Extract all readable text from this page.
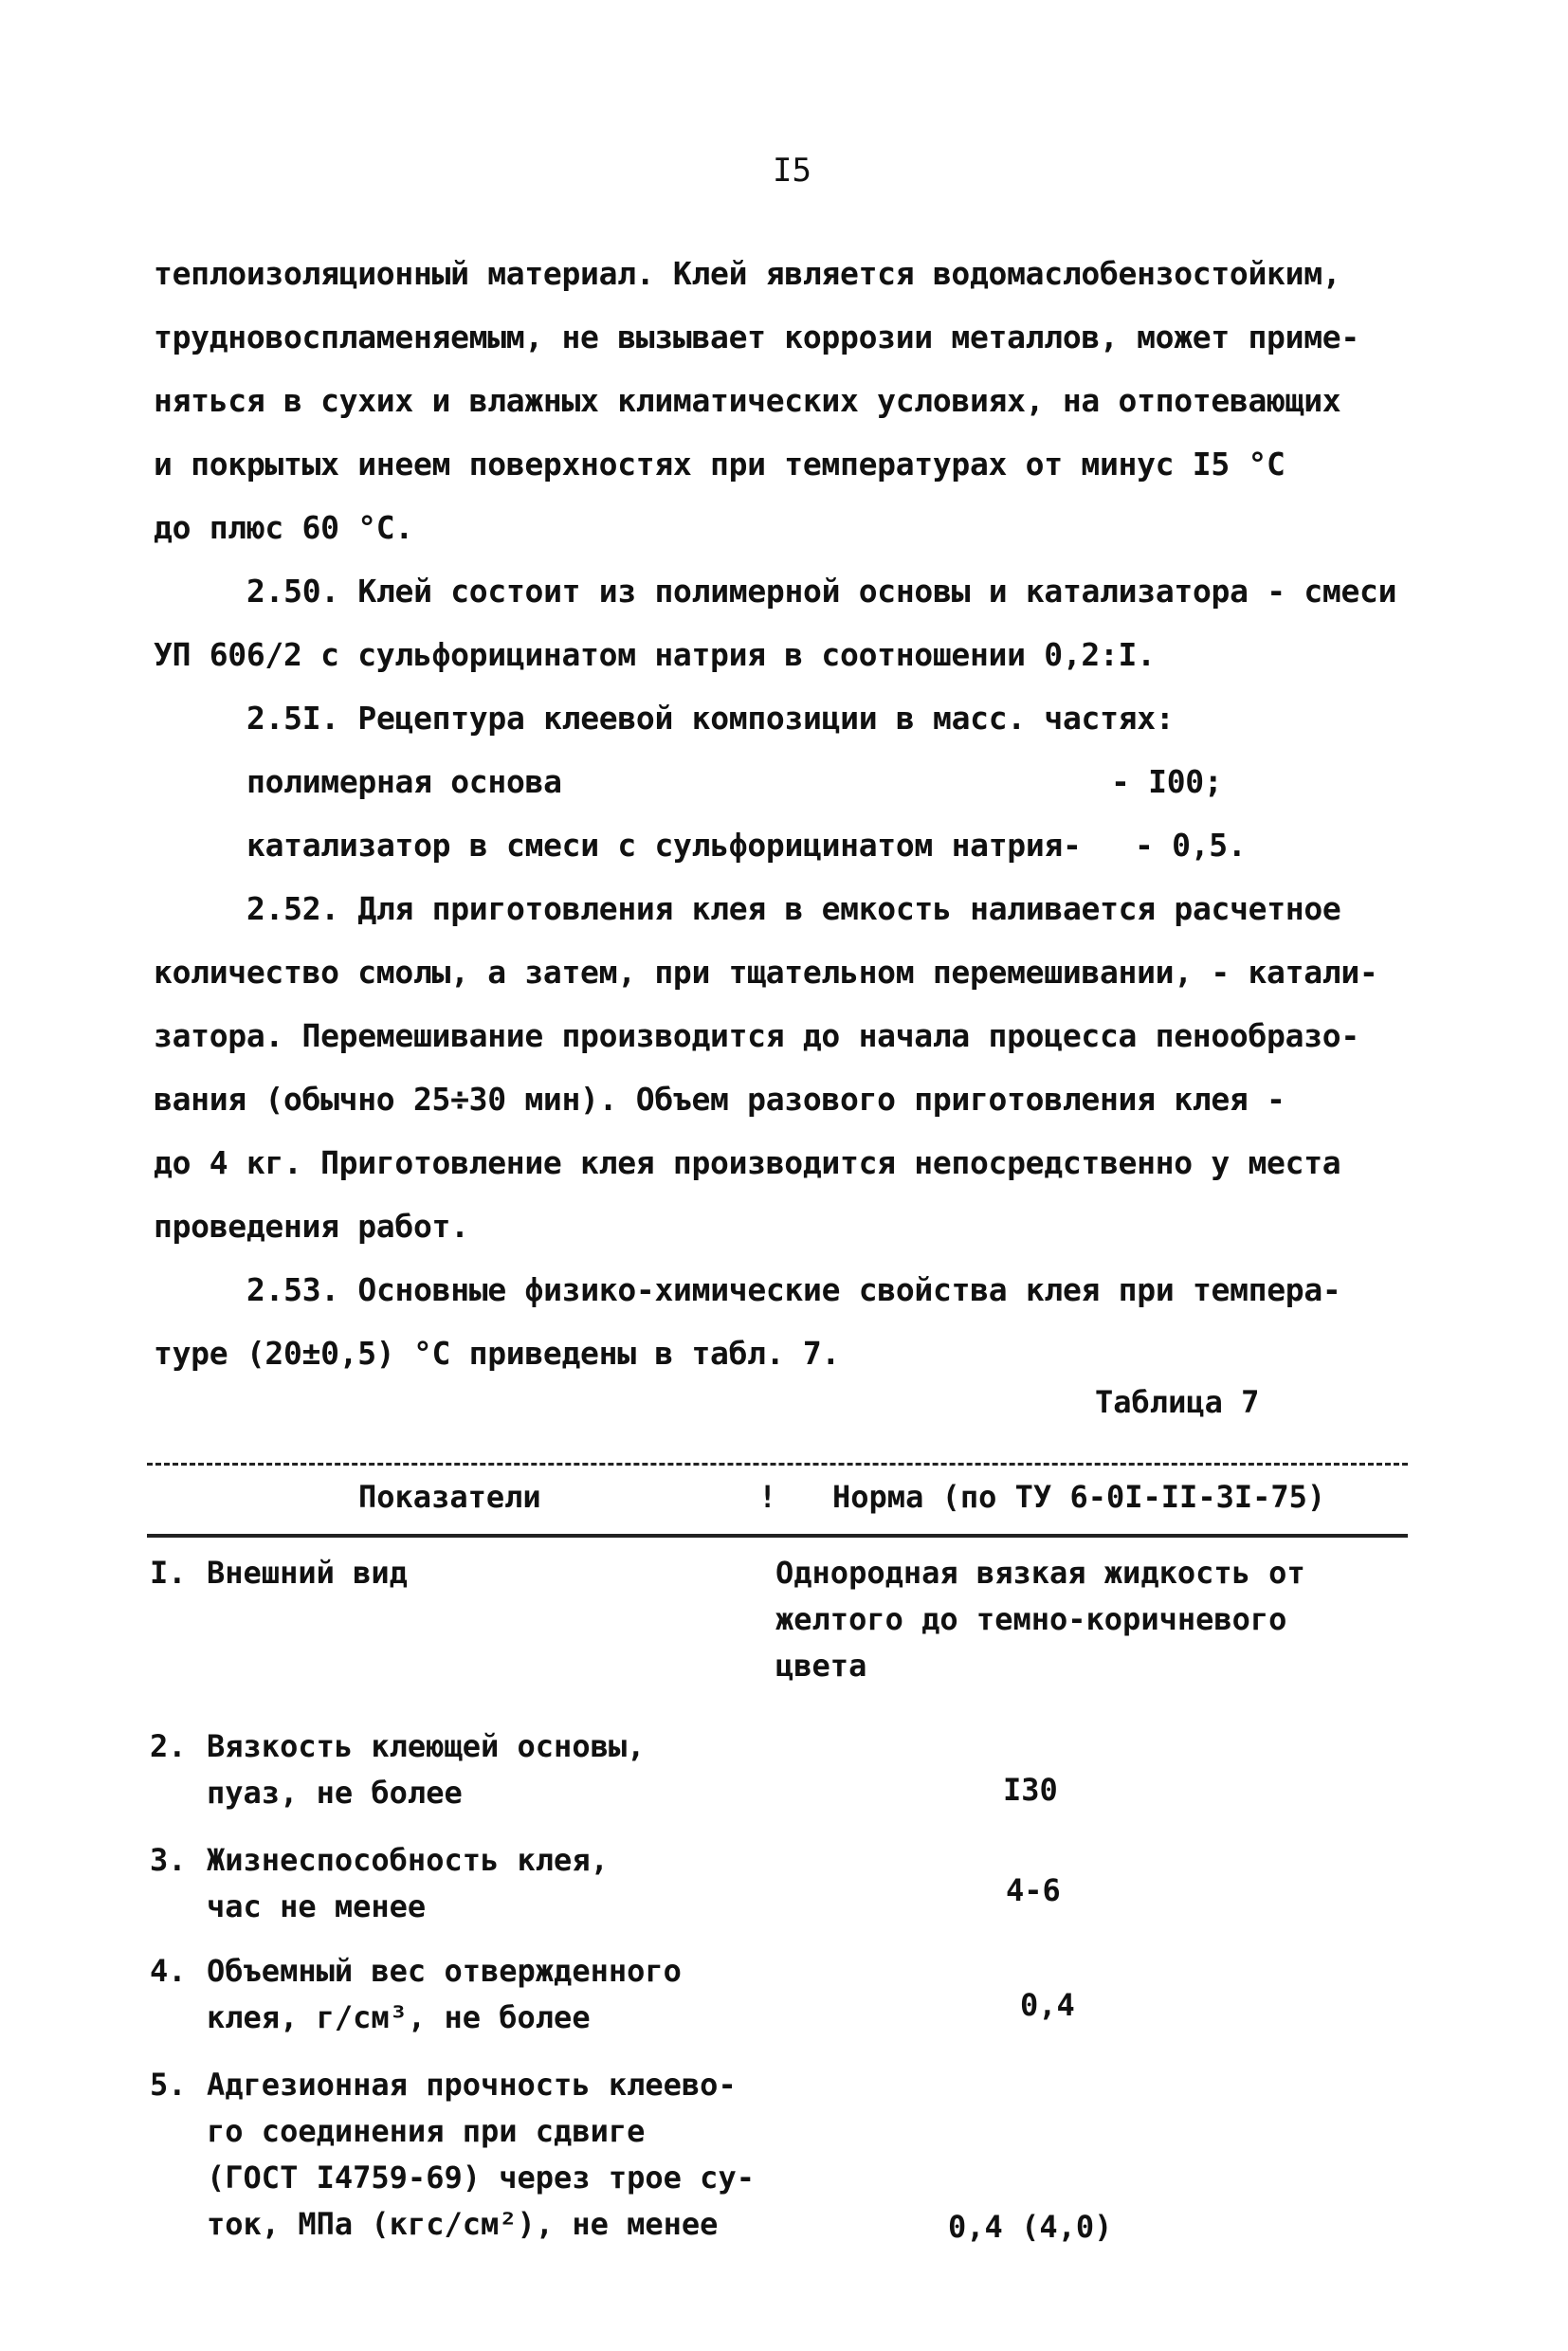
I5
теплоизоляционный материал. Клей является водомаслобензостойким,
трудновоспламеняемым, не вызывает коррозии металлов, может приме-
няться в сухих и влажных климатических условиях, на отпотевающих
и покрытых инеем поверхностях при температурах от минус I5 °С
до плюс 60 °С.
2.50. Клей состоит из полимерной основы и катализатора - смеси
УП 606/2 с сульфорицинатом натрия в соотношении 0,2:I.
2.5I. Рецептура клеевой композиции в масс. частях:
полимерная основа	- I00;
катализатор в смеси с сульфорицинатом натрия- - 0,5.
2.52. Для приготовления клея в емкость наливается расчетное
количество смолы, а затем, при тщательном перемешивании, - катали-
затора. Перемешивание производится до начала процесса пенообразо-
вания (обычно 25÷30 мин). Объем разового приготовления клея -
до 4 кг. Приготовление клея производится непосредственно у места
проведения работ.
2.53. Основные физико-химические свойства клея при темпера-
туре (20±0,5) °С приведены в табл. 7.
Таблица 7
Показатели	! Норма (по ТУ 6-0I-II-3I-75)
I. Внешний вид	Однородная вязкая жидкость от
желтого до темно-коричневого
цвета
2. Вязкость клеющей основы,
пуаз, не более	I30
3. Жизнеспособность клея,
час не менее	4-6
4. Объемный вес отвержденного
клея, г/см³, не более	0,4
5. Адгезионная прочность клеево-
го соединения при сдвиге
(ГОСТ I4759-69) через трое су-
ток, МПа (кгс/см²), не менее	0,4 (4,0)
